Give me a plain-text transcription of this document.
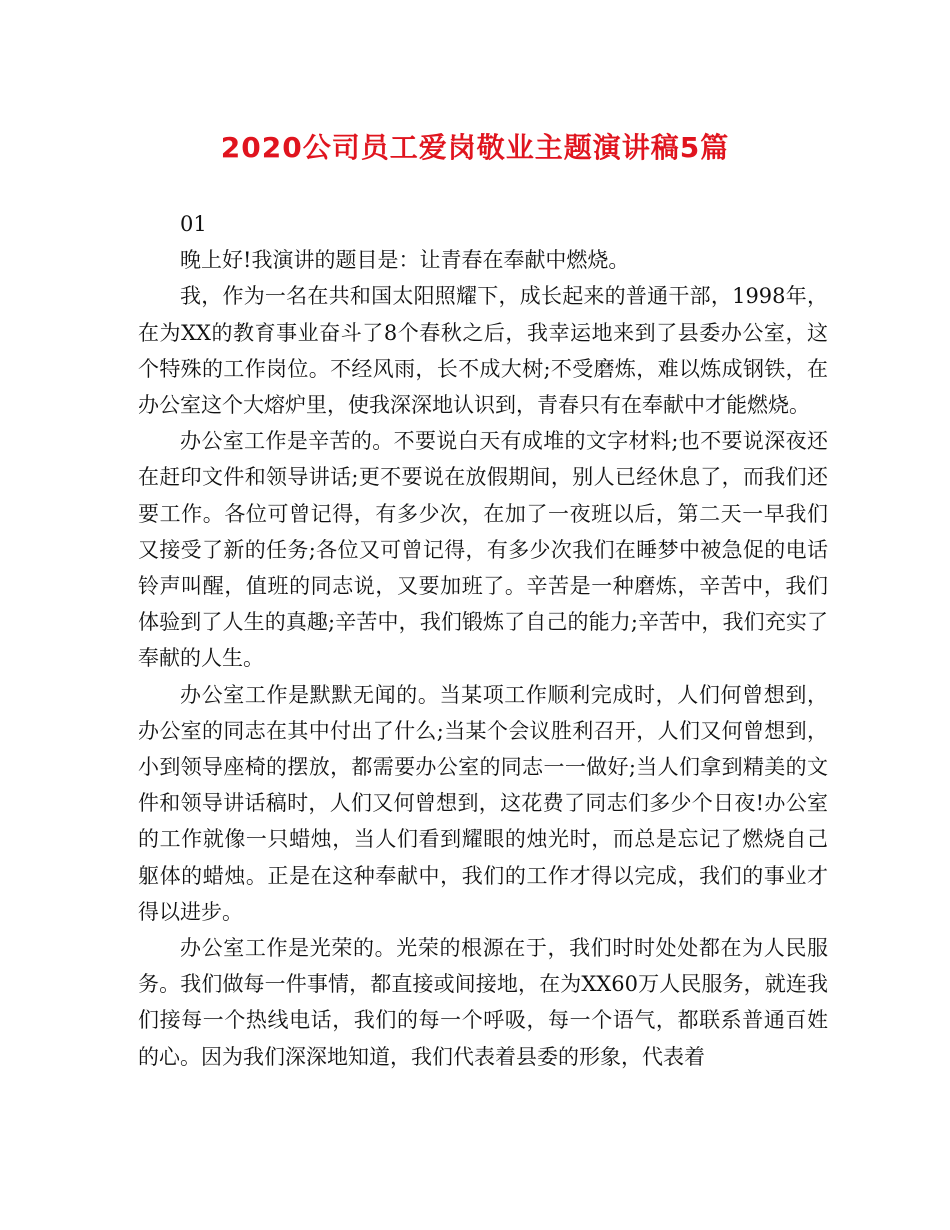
2020公司员工爱岗敬业主题演讲稿5篇

01

晚上好!我演讲的题目是：让青春在奉献中燃烧。

我，作为一名在共和国太阳照耀下，成长起来的普通干部，1998年，在为XX的教育事业奋斗了8个春秋之后，我幸运地来到了县委办公室，这个特殊的工作岗位。不经风雨，长不成大树;不受磨炼，难以炼成钢铁，在办公室这个大熔炉里，使我深深地认识到，青春只有在奉献中才能燃烧。

办公室工作是辛苦的。不要说白天有成堆的文字材料;也不要说深夜还在赶印文件和领导讲话;更不要说在放假期间，别人已经休息了，而我们还要工作。各位可曾记得，有多少次，在加了一夜班以后，第二天一早我们又接受了新的任务;各位又可曾记得，有多少次我们在睡梦中被急促的电话铃声叫醒，值班的同志说，又要加班了。辛苦是一种磨炼，辛苦中，我们体验到了人生的真趣;辛苦中，我们锻炼了自己的能力;辛苦中，我们充实了奉献的人生。

办公室工作是默默无闻的。当某项工作顺利完成时，人们何曾想到，办公室的同志在其中付出了什么;当某个会议胜利召开，人们又何曾想到，小到领导座椅的摆放，都需要办公室的同志一一做好;当人们拿到精美的文件和领导讲话稿时，人们又何曾想到，这花费了同志们多少个日夜!办公室的工作就像一只蜡烛，当人们看到耀眼的烛光时，而总是忘记了燃烧自己躯体的蜡烛。正是在这种奉献中，我们的工作才得以完成，我们的事业才得以进步。

办公室工作是光荣的。光荣的根源在于，我们时时处处都在为人民服务。我们做每一件事情，都直接或间接地，在为XX60万人民服务，就连我们接每一个热线电话，我们的每一个呼吸，每一个语气，都联系普通百姓的心。因为我们深深地知道，我们代表着县委的形象，代表着
